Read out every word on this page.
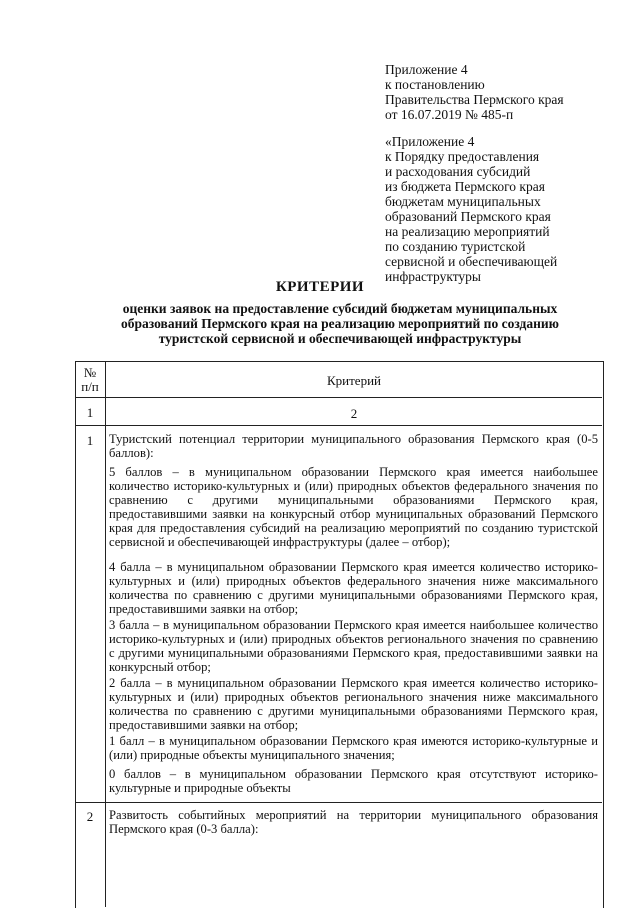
Приложение 4
к постановлению
Правительства Пермского края
от 16.07.2019 № 485-п
«Приложение 4
к Порядку предоставления
и расходования субсидий
из бюджета Пермского края
бюджетам муниципальных
образований Пермского края
на реализацию мероприятий
по созданию туристской
сервисной и обеспечивающей
инфраструктуры
КРИТЕРИИ
оценки заявок на предоставление субсидий бюджетам муниципальных
образований Пермского края на реализацию мероприятий по созданию
туристской сервисной и обеспечивающей инфраструктуры
№
п/п	Критерий
1	2
1	Туристский потенциал территории муниципального образования Пермского края (0-5 баллов):
5 баллов – в муниципальном образовании Пермского края имеется наибольшее количество историко-культурных и (или) природных объектов федерального значения по сравнению с другими муниципальными образованиями Пермского края, предоставившими заявки на конкурсный отбор муниципальных образований Пермского края для предоставления субсидий на реализацию мероприятий по созданию туристской сервисной и обеспечивающей инфраструктуры (далее – отбор);
4 балла – в муниципальном образовании Пермского края имеется количество историко-культурных и (или) природных объектов федерального значения ниже максимального количества по сравнению с другими муниципальными образованиями Пермского края, предоставившими заявки на отбор;
3 балла – в муниципальном образовании Пермского края имеется наибольшее количество историко-культурных и (или) природных объектов регионального значения по сравнению с другими муниципальными образованиями Пермского края, предоставившими заявки на конкурсный отбор;
2 балла – в муниципальном образовании Пермского края имеется количество историко-культурных и (или) природных объектов регионального значения ниже максимального количества по сравнению с другими муниципальными образованиями Пермского края, предоставившими заявки на отбор;
1 балл – в муниципальном образовании Пермского края имеются историко-культурные и (или) природные объекты муниципального значения;
0 баллов – в муниципальном образовании Пермского края отсутствуют историко-культурные и природные объекты
2	Развитость событийных мероприятий на территории муниципального образования Пермского края (0-3 балла):
